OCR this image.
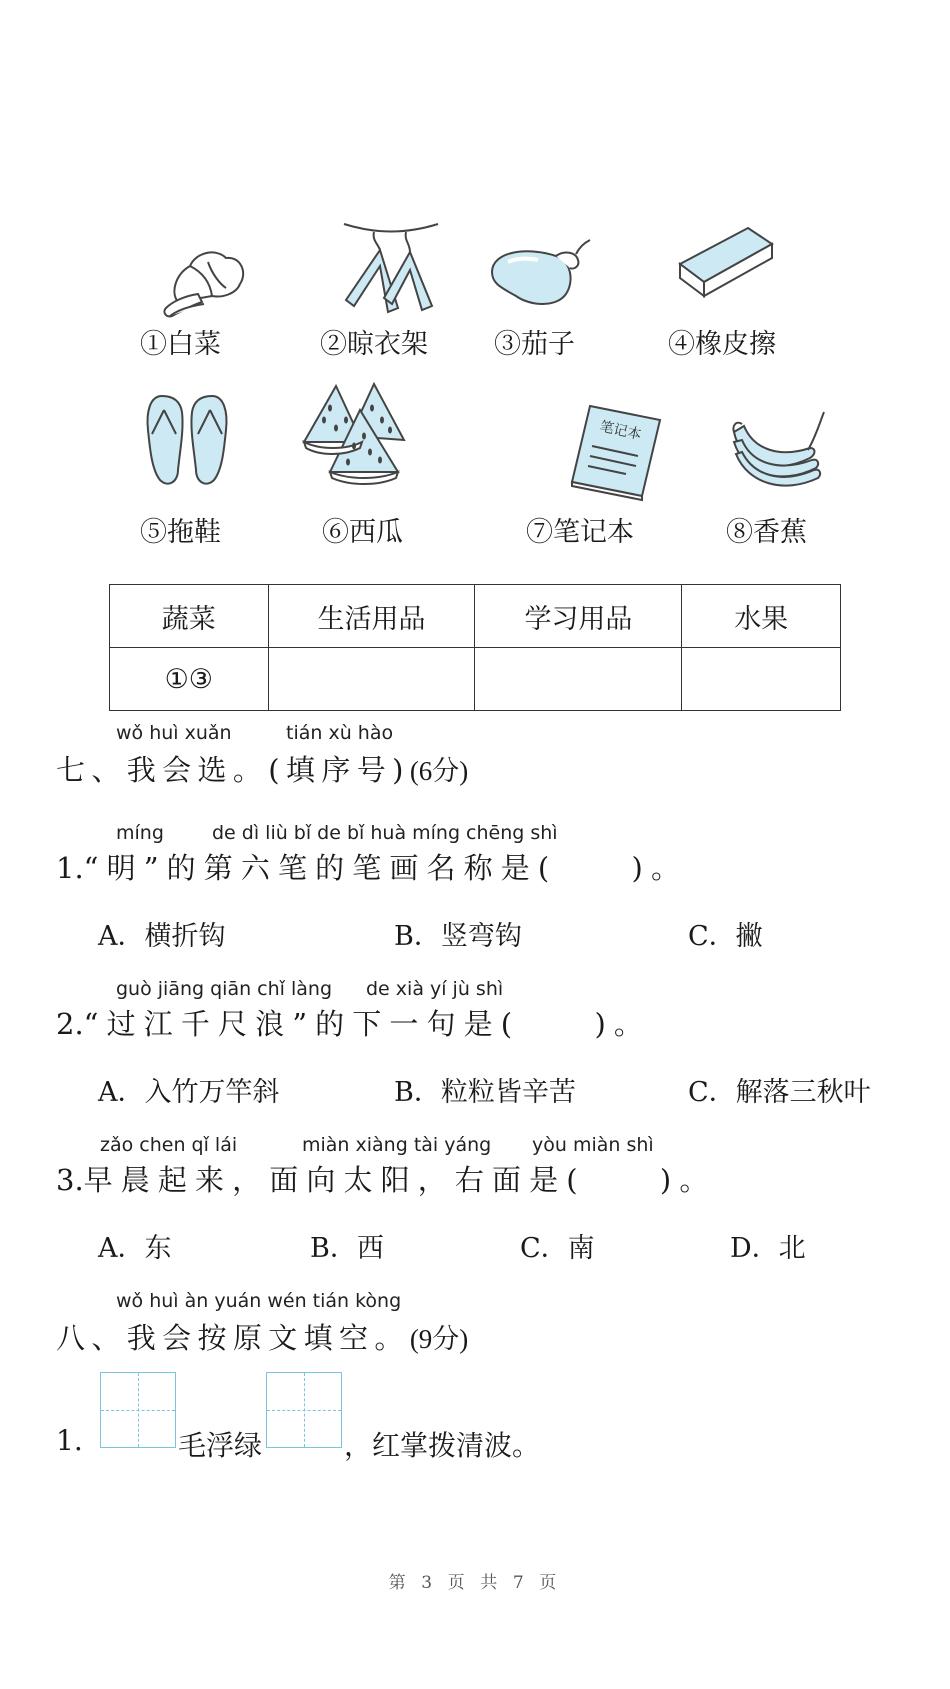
①白菜	②晾衣架 ③茄子	④橡皮擦
笔记本
⑤拖鞋	⑥西瓜	⑦笔记本	⑧香蕉
蔬菜	生活用品	学习用品	水果
①③			
wǒ huì xuǎn	tián xù hào
七、我会选。(填序号)(6分)
míng	de dì liù bǐ de bǐ huà míng chēng shì
1.“明”的第六笔的笔画名称是(　　)。
A．横折钩	B．竖弯钩	C．撇
guò jiāng qiān chǐ làng de xià yí jù shì
2.“过江千尺浪”的下一句是(　　)。
A．入竹万竿斜	B．粒粒皆辛苦	C．解落三秋叶
zǎo chen qǐ lái	miàn xiàng tài yáng yòu miàn shì
3.早晨起来，面向太阳，右面是(　　)。
A．东	B．西	C．南	D．北
wǒ huì àn yuán wén tián kòng
八、我会按原文填空。(9分)
1.	毛浮绿	，红掌拨清波。
第 3 页 共 7 页
